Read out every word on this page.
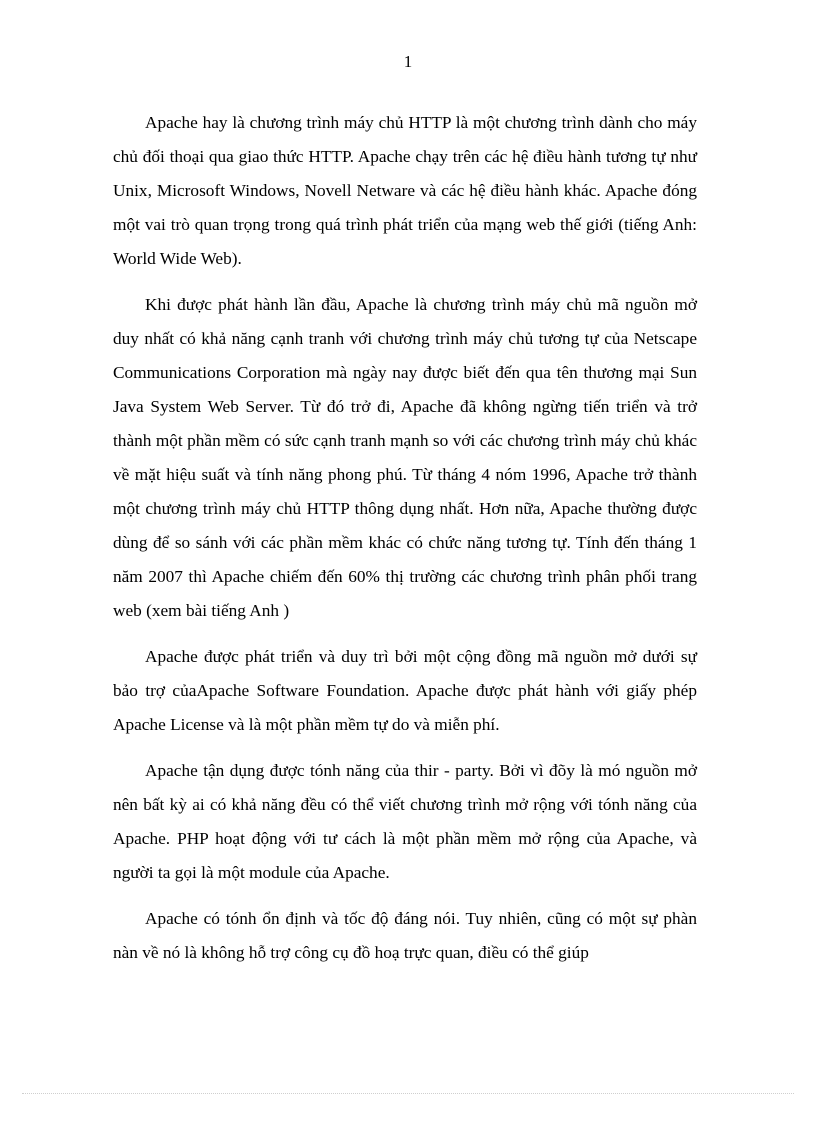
1

Apache hay là chương trình máy chủ HTTP là một chương trình dành cho máy chủ đối thoại qua giao thức HTTP. Apache chạy trên các hệ điều hành tương tự như Unix, Microsoft Windows, Novell Netware và các hệ điều hành khác. Apache đóng một vai trò quan trọng trong quá trình phát triển của mạng web thế giới (tiếng Anh: World Wide Web).

Khi được phát hành lần đầu, Apache là chương trình máy chủ mã nguồn mở duy nhất có khả năng cạnh tranh với chương trình máy chủ tương tự của Netscape Communications Corporation mà ngày nay được biết đến qua tên thương mại Sun Java System Web Server. Từ đó trở đi, Apache đã không ngừng tiến triển và trở thành một phần mềm có sức cạnh tranh mạnh so với các chương trình máy chủ khác về mặt hiệu suất và tính năng phong phú. Từ tháng 4 nóm 1996, Apache trở thành một chương trình máy chủ HTTP thông dụng nhất. Hơn nữa, Apache thường được dùng để so sánh với các phần mềm khác có chức năng tương tự. Tính đến tháng 1 năm 2007 thì Apache chiếm đến 60% thị trường các chương trình phân phối trang web (xem bài tiếng Anh )

Apache được phát triển và duy trì bởi một cộng đồng mã nguồn mở dưới sự bảo trợ củaApache Software Foundation. Apache được phát hành với giấy phép Apache License và là một phần mềm tự do và miễn phí.

Apache tận dụng được tónh năng của thir - party. Bởi vì đõy là mó nguồn mở nên bất kỳ ai có khả năng đều có thể viết chương trình mở rộng với tónh năng của Apache. PHP hoạt động với tư cách là một phần mềm mở rộng của Apache, và người ta gọi là một module của Apache.

Apache có tónh ổn định và tốc độ đáng nói. Tuy nhiên, cũng có một sự phàn nàn về nó là không hỗ trợ công cụ đồ hoạ trực quan, điều có thể giúp
